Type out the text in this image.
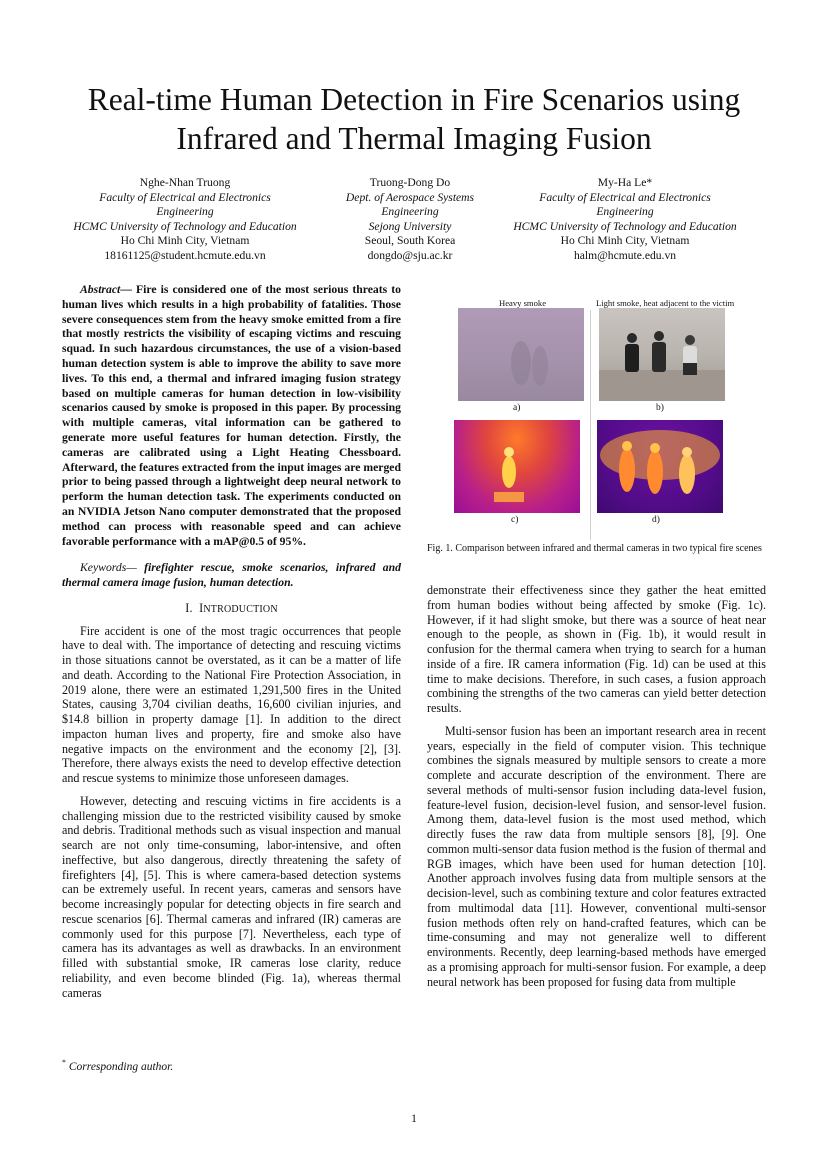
Real-time Human Detection in Fire Scenarios using
Infrared and Thermal Imaging Fusion
Nghe-Nhan Truong
Faculty of Electrical and Electronics
Engineering
HCMC University of Technology and Education
Ho Chi Minh City, Vietnam
18161125@student.hcmute.edu.vn
Truong-Dong Do
Dept. of Aerospace Systems
Engineering
Sejong University
Seoul, South Korea
dongdo@sju.ac.kr
My-Ha Le*
Faculty of Electrical and Electronics
Engineering
HCMC University of Technology and Education
Ho Chi Minh City, Vietnam
halm@hcmute.edu.vn

Abstract— Fire is considered one of the most serious threats to human lives which results in a high probability of fatalities. Those severe consequences stem from the heavy smoke emitted from a fire that mostly restricts the visibility of escaping victims and rescuing squad. In such hazardous circumstances, the use of a vision-based human detection system is able to improve the ability to save more lives. To this end, a thermal and infrared imaging fusion strategy based on multiple cameras for human detection in low-visibility scenarios caused by smoke is proposed in this paper. By processing with multiple cameras, vital information can be gathered to generate more useful features for human detection. Firstly, the cameras are calibrated using a Light Heating Chessboard. Afterward, the features extracted from the input images are merged prior to being passed through a lightweight deep neural network to perform the human detection task. The experiments conducted on an NVIDIA Jetson Nano computer demonstrated that the proposed method can process with reasonable speed and can achieve favorable performance with a mAP@0.5 of 95%.

Keywords— firefighter rescue, smoke scenarios, infrared and thermal camera image fusion, human detection.

I. INTRODUCTION

Fire accident is one of the most tragic occurrences that people have to deal with. The importance of detecting and rescuing victims in those situations cannot be overstated, as it can be a matter of life and death. According to the National Fire Protection Association, in 2019 alone, there were an estimated 1,291,500 fires in the United States, causing 3,704 civilian deaths, 16,600 civilian injuries, and $14.8 billion in property damage [1]. In addition to the direct impacton human lives and property, fire and smoke also have negative impacts on the environment and the economy [2], [3]. Therefore, there always exists the need to develop effective detection and rescue systems to minimize those unforeseen damages.

However, detecting and rescuing victims in fire accidents is a challenging mission due to the restricted visibility caused by smoke and debris. Traditional methods such as visual inspection and manual search are not only time-consuming, labor-intensive, and often ineffective, but also dangerous, directly threatening the safety of firefighters [4], [5]. This is where camera-based detection systems can be extremely useful. In recent years, cameras and sensors have become increasingly popular for detecting objects in fire search and rescue scenarios [6]. Thermal cameras and infrared (IR) cameras are commonly used for this purpose [7]. Nevertheless, each type of camera has its advantages as well as drawbacks. In an environment filled with substantial smoke, IR cameras lose clarity, reduce reliability, and even become blinded (Fig. 1a), whereas thermal cameras

Heavy smoke	Light smoke, heat adjacent to the victim
a)	b)
c)	d)
Fig. 1. Comparison between infrared and thermal cameras in two typical fire scenes

demonstrate their effectiveness since they gather the heat emitted from human bodies without being affected by smoke (Fig. 1c). However, if it had slight smoke, but there was a source of heat near enough to the people, as shown in (Fig. 1b), it would result in confusion for the thermal camera when trying to search for a human inside of a fire. IR camera information (Fig. 1d) can be used at this time to make decisions. Therefore, in such cases, a fusion approach combining the strengths of the two cameras can yield better detection results.

Multi-sensor fusion has been an important research area in recent years, especially in the field of computer vision. This technique combines the signals measured by multiple sensors to create a more complete and accurate description of the environment. There are several methods of multi-sensor fusion including data-level fusion, feature-level fusion, decision-level fusion, and sensor-level fusion. Among them, data-level fusion is the most used method, which directly fuses the raw data from multiple sensors [8], [9]. One common multi-sensor data fusion method is the fusion of thermal and RGB images, which have been used for human detection [10]. Another approach involves fusing data from multiple sensors at the decision-level, such as combining texture and color features extracted from multimodal data [11]. However, conventional multi-sensor fusion methods often rely on hand-crafted features, which can be time-consuming and may not generalize well to different environments. Recently, deep learning-based methods have emerged as a promising approach for multi-sensor fusion. For example, a deep neural network has been proposed for fusing data from multiple

* Corresponding author.
1
